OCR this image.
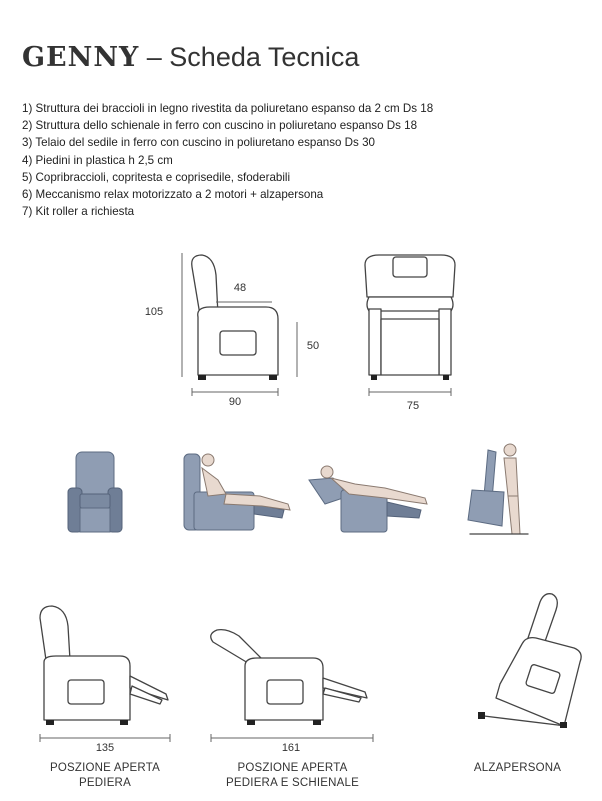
GENNY – Scheda Tecnica
1) Struttura dei braccioli in legno rivestita da poliuretano espanso da 2 cm Ds 18
2) Struttura dello schienale in ferro con cuscino in poliuretano espanso Ds 18
3) Telaio del sedile in ferro con cuscino in poliuretano espanso Ds 30
4) Piedini in plastica h 2,5 cm
5) Copribraccioli, copritesta e coprisedile, sfoderabili
6) Meccanismo relax motorizzato a 2 motori + alzapersona
7) Kit roller a richiesta
105
48
50
90	75
135
POSZIONE APERTA
PEDIERA
161
POSZIONE APERTA
PEDIERA E SCHIENALE
ALZAPERSONA
